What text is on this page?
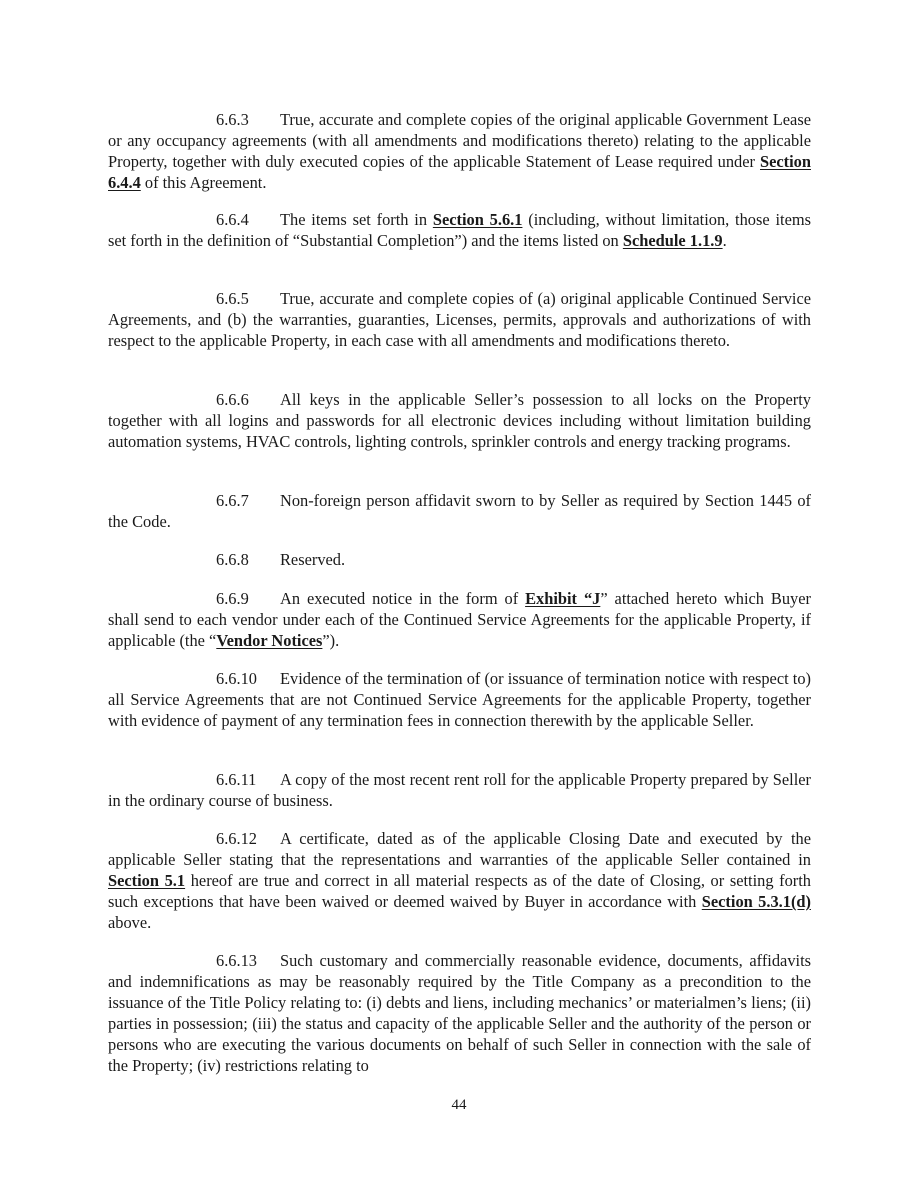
6.6.3 True, accurate and complete copies of the original applicable Government Lease or any occupancy agreements (with all amendments and modifications thereto) relating to the applicable Property, together with duly executed copies of the applicable Statement of Lease required under Section 6.4.4 of this Agreement.

6.6.4 The items set forth in Section 5.6.1 (including, without limitation, those items set forth in the definition of “Substantial Completion”) and the items listed on Schedule 1.1.9.

6.6.5 True, accurate and complete copies of (a) original applicable Continued Service Agreements, and (b) the warranties, guaranties, Licenses, permits, approvals and authorizations of with respect to the applicable Property, in each case with all amendments and modifications thereto.

6.6.6 All keys in the applicable Seller’s possession to all locks on the Property together with all logins and passwords for all electronic devices including without limitation building automation systems, HVAC controls, lighting controls, sprinkler controls and energy tracking programs.

6.6.7 Non-foreign person affidavit sworn to by Seller as required by Section 1445 of the Code.

6.6.8 Reserved.

6.6.9 An executed notice in the form of Exhibit “J” attached hereto which Buyer shall send to each vendor under each of the Continued Service Agreements for the applicable Property, if applicable (the “Vendor Notices”).

6.6.10 Evidence of the termination of (or issuance of termination notice with respect to) all Service Agreements that are not Continued Service Agreements for the applicable Property, together with evidence of payment of any termination fees in connection therewith by the applicable Seller.

6.6.11 A copy of the most recent rent roll for the applicable Property prepared by Seller in the ordinary course of business.

6.6.12 A certificate, dated as of the applicable Closing Date and executed by the applicable Seller stating that the representations and warranties of the applicable Seller contained in Section 5.1 hereof are true and correct in all material respects as of the date of Closing, or setting forth such exceptions that have been waived or deemed waived by Buyer in accordance with Section 5.3.1(d) above.

6.6.13 Such customary and commercially reasonable evidence, documents, affidavits and indemnifications as may be reasonably required by the Title Company as a precondition to the issuance of the Title Policy relating to: (i) debts and liens, including mechanics’ or materialmen’s liens; (ii) parties in possession; (iii) the status and capacity of the applicable Seller and the authority of the person or persons who are executing the various documents on behalf of such Seller in connection with the sale of the Property; (iv) restrictions relating to

44
